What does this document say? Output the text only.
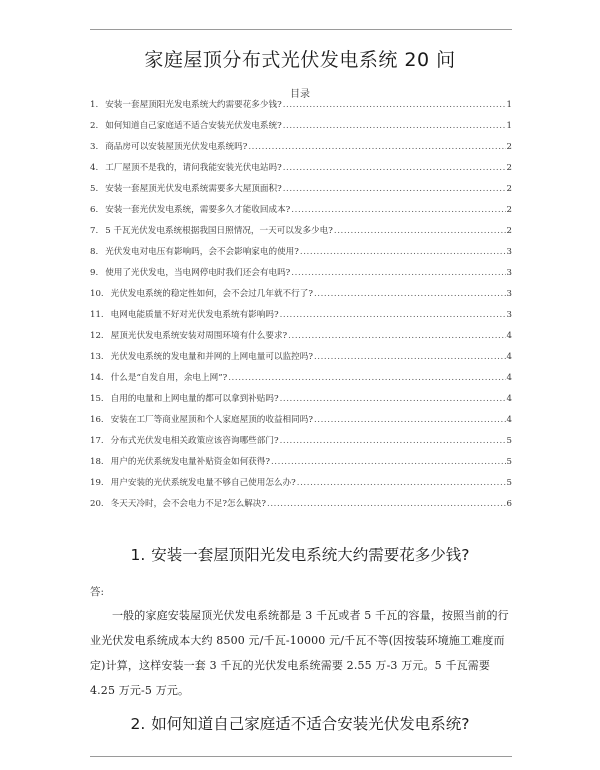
家庭屋顶分布式光伏发电系统 20 问
目录
1. 安装一套屋顶阳光发电系统大约需要花多少钱? .....	1
2. 如何知道自己家庭适不适合安装光伏发电系统? .....	1
3. 商品房可以安装屋顶光伏发电系统吗? .....	2
4. 工厂屋顶不是我的，请问我能安装光伏电站吗? .....	2
5. 安装一套屋顶光伏发电系统需要多大屋顶面积? .....	2
6. 安装一套光伏发电系统，需要多久才能收回成本? .....	2
7. 5 千瓦光伏发电系统根据我国日照情况，一天可以发多少电? .....	2
8. 光伏发电对电压有影响吗，会不会影响家电的使用? .....	3
9. 使用了光伏发电，当电网停电时我们还会有电吗? .....	3
10. 光伏发电系统的稳定性如何，会不会过几年就不行了? .....	3
11. 电网电能质量不好对光伏发电系统有影响吗? .....	3
12. 屋顶光伏发电系统安装对周围环境有什么要求? .....	4
13. 光伏发电系统的发电量和并网的上网电量可以监控吗? .....	4
14. 什么是“自发自用，余电上网”? .....	4
15. 自用的电量和上网电量的都可以拿到补贴吗? .....	4
16. 安装在工厂等商业屋顶和个人家庭屋顶的收益相同吗? .....	4
17. 分布式光伏发电相关政策应该咨询哪些部门? .....	5
18. 用户的光伏系统发电量补贴资金如何获得? .....	5
19. 用户安装的光伏系统发电量不够自己使用怎么办? .....	5
20. 冬天天冷时，会不会电力不足?怎么解决? .....	6
1. 安装一套屋顶阳光发电系统大约需要花多少钱?
答:

一般的家庭安装屋顶光伏发电系统都是 3 千瓦或者 5 千瓦的容量，按照当前的行业光伏发电系统成本大约 8500 元/千瓦-10000 元/千瓦不等(因按装环境施工难度而定)计算，这样安装一套 3 千瓦的光伏发电系统需要 2.55 万-3 万元。5 千瓦需要 4.25 万元-5 万元。

2. 如何知道自己家庭适不适合安装光伏发电系统?
